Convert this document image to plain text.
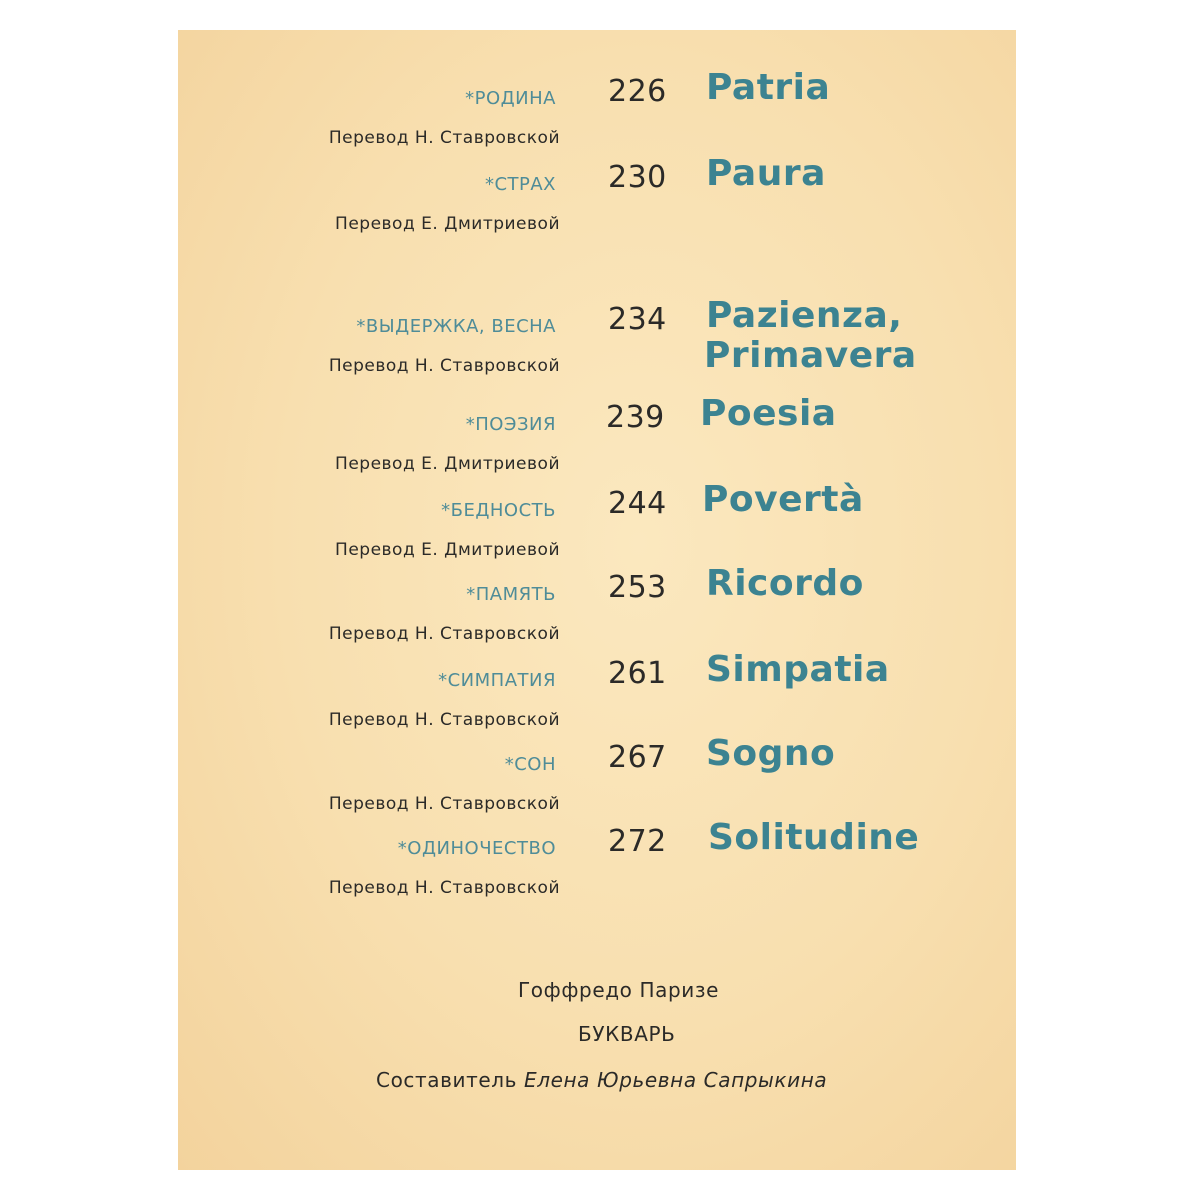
*РОДИНА 226 Patria
Перевод Н. Ставровской
*СТРАХ 230 Paura
Перевод Е. Дмитриевой
*ВЫДЕРЖКА, ВЕСНА 234 Pazienza,
Primavera
Перевод Н. Ставровской
*ПОЭЗИЯ 239 Poesia
Перевод Е. Дмитриевой
*БЕДНОСТЬ 244 Povertà
Перевод Е. Дмитриевой
*ПАМЯТЬ 253 Ricordo
Перевод Н. Ставровской
*СИМПАТИЯ 261 Simpatia
Перевод Н. Ставровской
*СОН 267 Sogno
Перевод Н. Ставровской
*ОДИНОЧЕСТВО 272 Solitudine
Перевод Н. Ставровской
Гоффредо Паризе
БУКВАРЬ
Составитель Елена Юрьевна Сапрыкина
